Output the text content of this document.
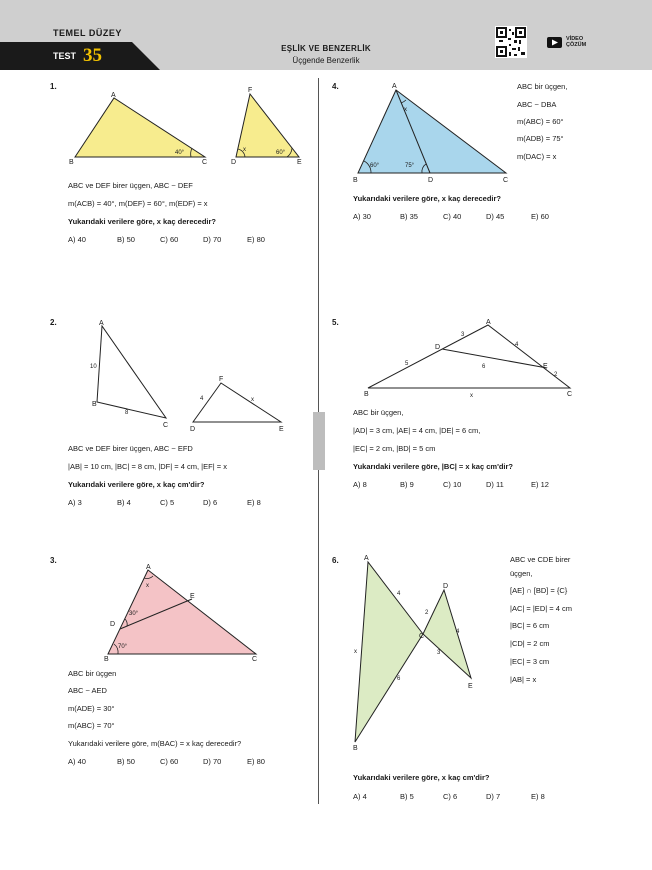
TEMEL DÜZEY
TEST 35	EŞLİK VE BENZERLİK
Üçgende Benzerlik
VİDEO
ÇÖZÜM
1.
40°
A
B	C
x	60°
F
D	E
ABC ve DEF birer üçgen, ABC ~ DEF
m(ACB) = 40°, m(DEF) = 60°, m(EDF) = x
Yukarıdaki verilere göre, x kaç derecedir?
A) 40	B) 50	C) 60	D) 70	E) 80
2.	A
B
C
10
8
F
D	E
4	x
ABC ve DEF birer üçgen, ABC ~ EFD
|AB| = 10 cm, |BC| = 8 cm, |DF| = 4 cm, |EF| = x
Yukarıdaki verilere göre, x kaç cm'dir?
A) 3	B) 4	C) 5	D) 6	E) 8
3.
x
30°
70°
A
B	C
D
E
ABC bir üçgen
ABC ~ AED
m(ADE) = 30°
m(ABC) = 70°
Yukarıdaki verilere göre, m(BAC) = x kaç derecedir?
A) 40	B) 50	C) 60	D) 70	E) 80
4.
x
60°	75°
A
B	C
D
ABC bir üçgen,
ABC ~ DBA
m(ABC) = 60°
m(ADB) = 75°
m(DAC) = x
Yukarıdaki verilere göre, x kaç derecedir?
A) 30	B) 35	C) 40	D) 45	E) 60
5.	A
B	C
D
E
3
4
5	6
2
x
ABC bir üçgen,
|AD| = 3 cm, |AE| = 4 cm, |DE| = 6 cm,
|EC| = 2 cm, |BD| = 5 cm
Yukarıdaki verilere göre, |BC| = x kaç cm'dir?
A) 8	B) 9	C) 10	D) 11	E) 12
6.	A
B
C
D
E
4
2
4
3
6
x
ABC ve CDE birer
üçgen,
[AE] ∩ [BD] = {C}
|AC| = |ED| = 4 cm
|BC| = 6 cm
|CD| = 2 cm
|EC| = 3 cm
|AB| = x
Yukarıdaki verilere göre, x kaç cm'dir?
A) 4	B) 5	C) 6	D) 7	E) 8
